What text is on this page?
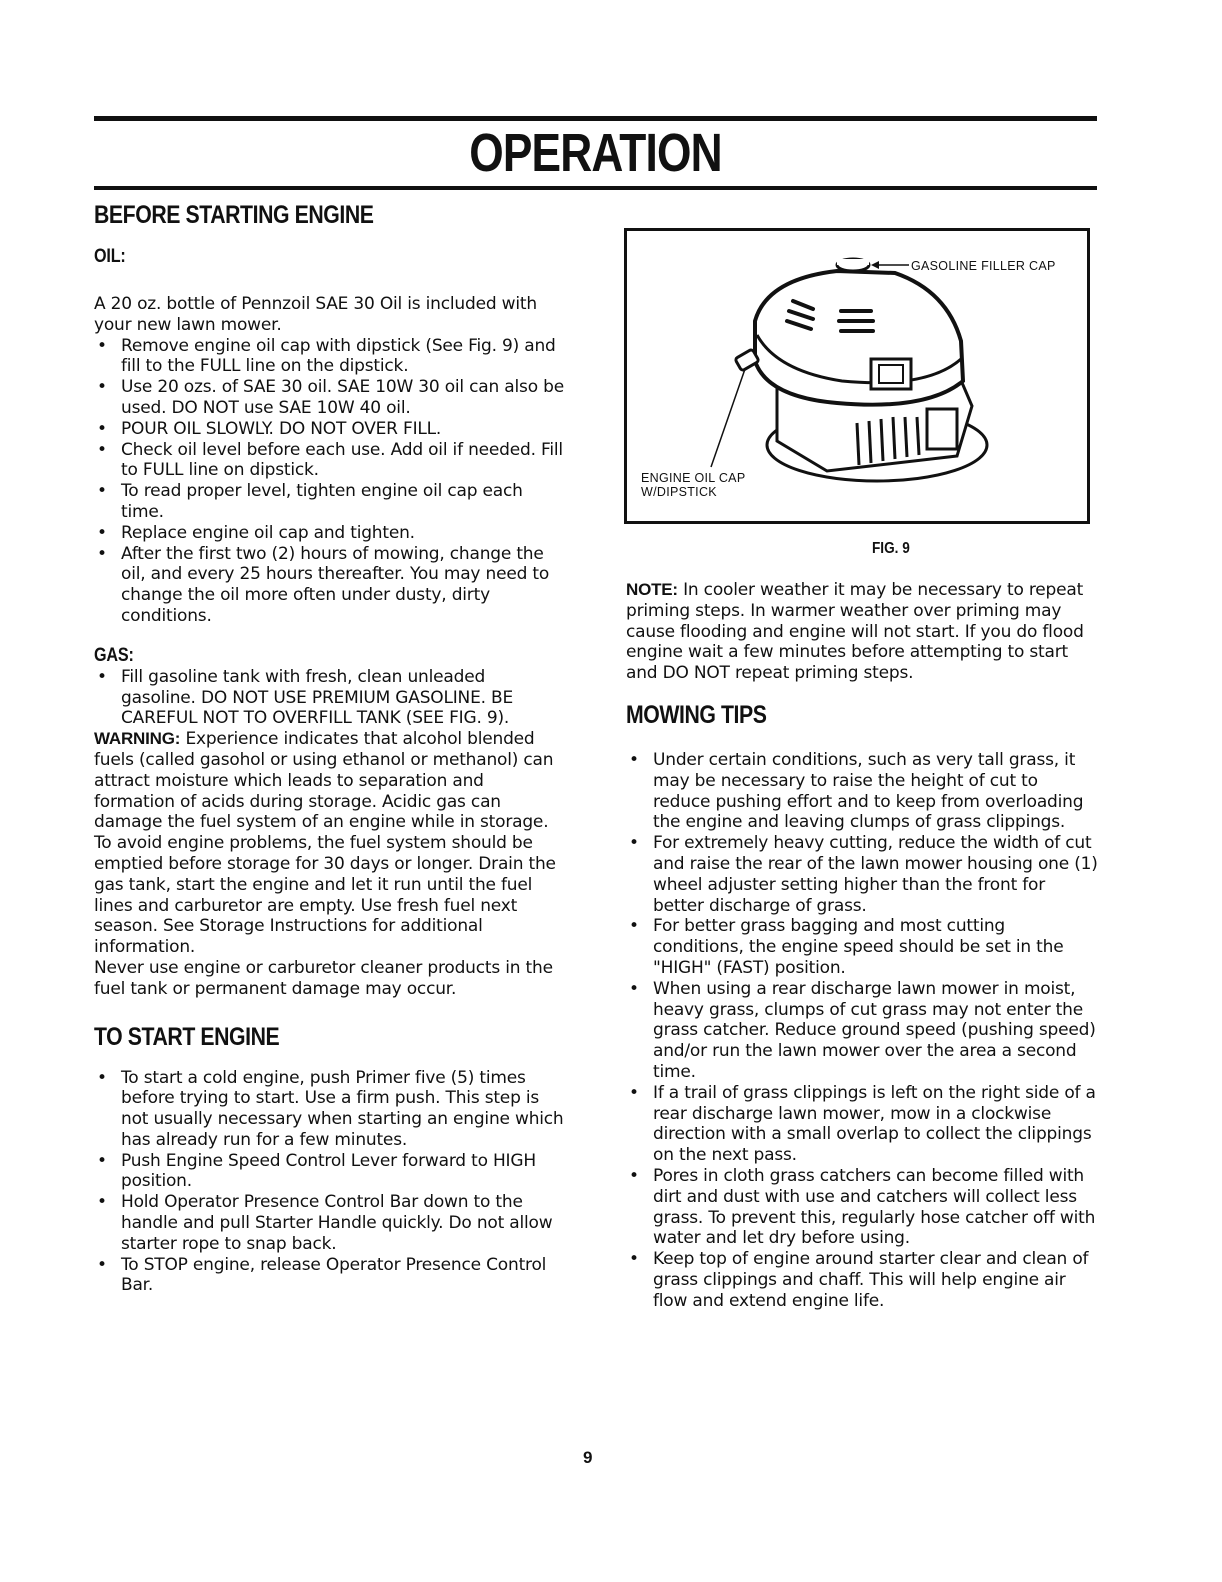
OPERATION
BEFORE STARTING ENGINE
OIL:

A 20 oz. bottle of Pennzoil SAE 30 Oil is included with your new lawn mower.

• Remove engine oil cap with dipstick (See Fig. 9) and fill to the FULL line on the dipstick.
• Use 20 ozs. of SAE 30 oil. SAE 10W 30 oil can also be used. DO NOT use SAE 10W 40 oil.
• POUR OIL SLOWLY. DO NOT OVER FILL.
• Check oil level before each use. Add oil if needed. Fill to FULL line on dipstick.
• To read proper level, tighten engine oil cap each time.
• Replace engine oil cap and tighten.
• After the first two (2) hours of mowing, change the oil, and every 25 hours thereafter. You may need to change the oil more often under dusty, dirty conditions.
GAS:
• Fill gasoline tank with fresh, clean unleaded gasoline. DO NOT USE PREMIUM GASOLINE. BE CAREFUL NOT TO OVERFILL TANK (SEE FIG. 9).

WARNING: Experience indicates that alcohol blended fuels (called gasohol or using ethanol or methanol) can attract moisture which leads to separation and formation of acids during storage. Acidic gas can damage the fuel system of an engine while in storage. To avoid engine problems, the fuel system should be emptied before storage for 30 days or longer. Drain the gas tank, start the engine and let it run until the fuel lines and carburetor are empty. Use fresh fuel next season. See Storage Instructions for additional information.

Never use engine or carburetor cleaner products in the fuel tank or permanent damage may occur.

TO START ENGINE
• To start a cold engine, push Primer five (5) times before trying to start. Use a firm push. This step is not usually necessary when starting an engine which has already run for a few minutes.
• Push Engine Speed Control Lever forward to HIGH position.
• Hold Operator Presence Control Bar down to the handle and pull Starter Handle quickly. Do not allow starter rope to snap back.
• To STOP engine, release Operator Presence Control Bar.
GASOLINE FILLER CAP
ENGINE OIL CAP
W/DIPSTICK
FIG. 9

NOTE: In cooler weather it may be necessary to repeat priming steps. In warmer weather over priming may cause flooding and engine will not start. If you do flood engine wait a few minutes before attempting to start and DO NOT repeat priming steps.

MOWING TIPS
• Under certain conditions, such as very tall grass, it may be necessary to raise the height of cut to reduce pushing effort and to keep from overloading the engine and leaving clumps of grass clippings.
• For extremely heavy cutting, reduce the width of cut and raise the rear of the lawn mower housing one (1) wheel adjuster setting higher than the front for better discharge of grass.
• For better grass bagging and most cutting conditions, the engine speed should be set in the "HIGH" (FAST) position.
• When using a rear discharge lawn mower in moist, heavy grass, clumps of cut grass may not enter the grass catcher. Reduce ground speed (pushing speed) and/or run the lawn mower over the area a second time.
• If a trail of grass clippings is left on the right side of a rear discharge lawn mower, mow in a clockwise direction with a small overlap to collect the clippings on the next pass.
• Pores in cloth grass catchers can become filled with dirt and dust with use and catchers will collect less grass. To prevent this, regularly hose catcher off with water and let dry before using.
• Keep top of engine around starter clear and clean of grass clippings and chaff. This will help engine air flow and extend engine life.
9
